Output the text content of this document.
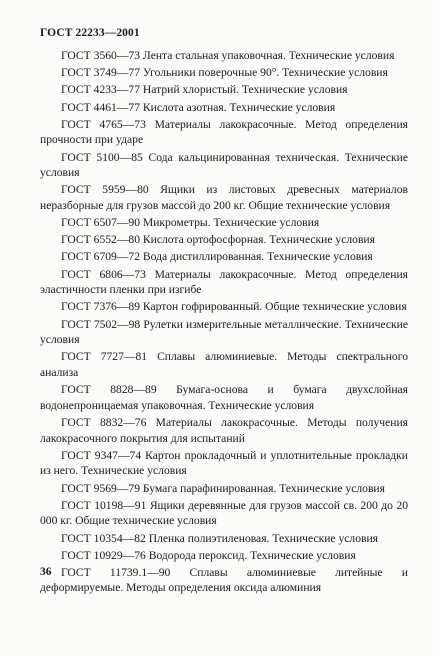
ГОСТ 22233—2001

ГОСТ 3560—73 Лента стальная упаковочная. Технические условия

ГОСТ 3749—77 Угольники поверочные 90°. Технические условия

ГОСТ 4233—77 Натрий хлористый. Технические условия

ГОСТ 4461—77 Кислота азотная. Технические условия

ГОСТ 4765—73 Материалы лакокрасочные. Метод определения прочности при ударе

ГОСТ 5100—85 Сода кальцинированная техническая. Технические условия

ГОСТ 5959—80 Ящики из листовых древесных материалов неразборные для грузов массой до 200 кг. Общие технические условия

ГОСТ 6507—90 Микрометры. Технические условия

ГОСТ 6552—80 Кислота ортофосфорная. Технические условия

ГОСТ 6709—72 Вода дистиллированная. Технические условия

ГОСТ 6806—73 Материалы лакокрасочные. Метод определения эластичности пленки при изгибе

ГОСТ 7376—89 Картон гофрированный. Общие технические условия

ГОСТ 7502—98 Рулетки измерительные металлические. Технические условия

ГОСТ 7727—81 Сплавы алюминиевые. Методы спектрального анализа

ГОСТ 8828—89 Бумага-основа и бумага двухслойная водонепроницаемая упаковочная. Технические условия

ГОСТ 8832—76 Материалы лакокрасочные. Методы получения лакокрасочного покрытия для испытаний

ГОСТ 9347—74 Картон прокладочный и уплотнительные прокладки из него. Технические условия

ГОСТ 9569—79 Бумага парафинированная. Технические условия

ГОСТ 10198—91 Ящики деревянные для грузов массой св. 200 до 20 000 кг. Общие технические условия

ГОСТ 10354—82 Пленка полиэтиленовая. Технические условия

ГОСТ 10929—76 Водорода пероксид. Технические условия

ГОСТ 11739.1—90 Сплавы алюминиевые литейные и деформируемые. Методы определения оксида алюминия

36
